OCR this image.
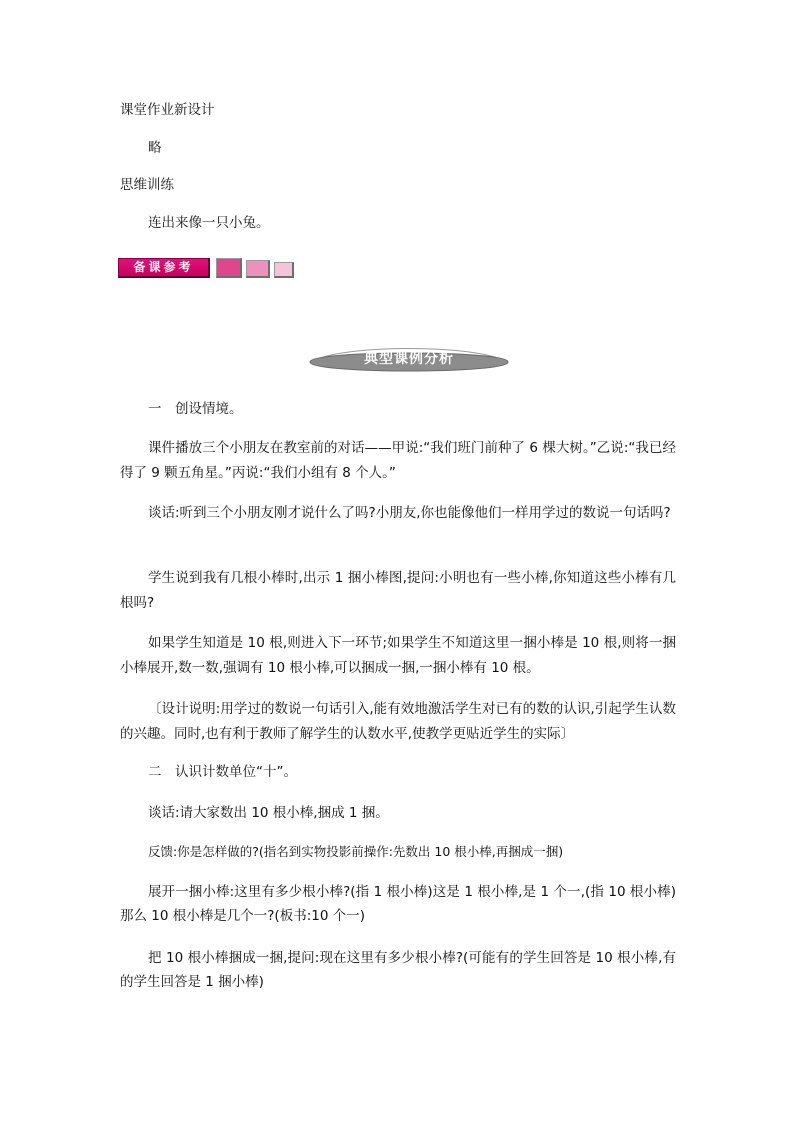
课堂作业新设计
略
思维训练
连出来像一只小兔。
备课参考
典型课例分析
一　创设情境。
课件播放三个小朋友在教室前的对话——甲说:“我们班门前种了 6 棵大树。”乙说:“我已经得了 9 颗五角星。”丙说:“我们小组有 8 个人。”
谈话:听到三个小朋友刚才说什么了吗?小朋友,你也能像他们一样用学过的数说一句话吗?
学生说到我有几根小棒时,出示 1 捆小棒图,提问:小明也有一些小棒,你知道这些小棒有几根吗?
如果学生知道是 10 根,则进入下一环节;如果学生不知道这里一捆小棒是 10 根,则将一捆小棒展开,数一数,强调有 10 根小棒,可以捆成一捆,一捆小棒有 10 根。
〔设计说明:用学过的数说一句话引入,能有效地激活学生对已有的数的认识,引起学生认数的兴趣。同时,也有利于教师了解学生的认数水平,使教学更贴近学生的实际〕
二　认识计数单位“十”。
谈话:请大家数出 10 根小棒,捆成 1 捆。
反馈:你是怎样做的?(指名到实物投影前操作:先数出 10 根小棒,再捆成一捆)
展开一捆小棒:这里有多少根小棒?(指 1 根小棒)这是 1 根小棒,是 1 个一,(指 10 根小棒)那么 10 根小棒是几个一?(板书:10 个一)
把 10 根小棒捆成一捆,提问:现在这里有多少根小棒?(可能有的学生回答是 10 根小棒,有的学生回答是 1 捆小棒)
